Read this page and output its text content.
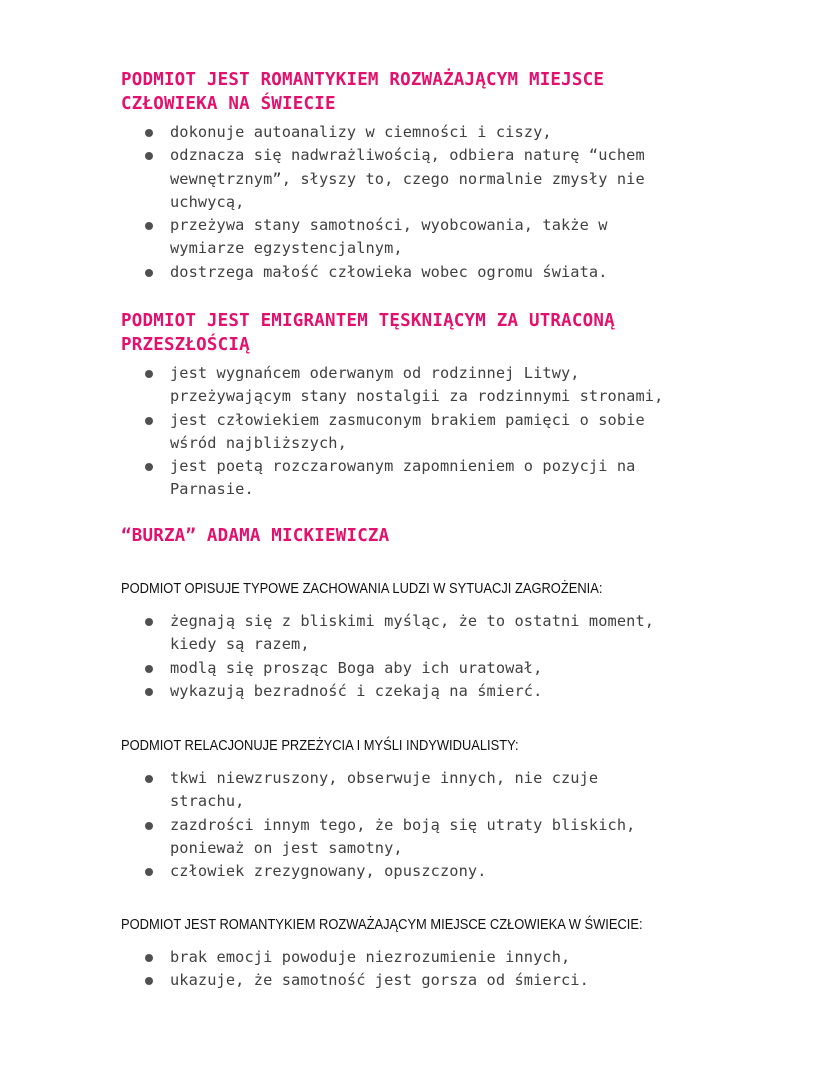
PODMIOT JEST ROMANTYKIEM ROZWAŻAJĄCYM MIEJSCE
CZŁOWIEKA NA ŚWIECIE
dokonuje autoanalizy w ciemności i ciszy,
odznacza się nadwrażliwością, odbiera naturę “uchem
wewnętrznym”, słyszy to, czego normalnie zmysły nie
uchwycą,
przeżywa stany samotności, wyobcowania, także w
wymiarze egzystencjalnym,
dostrzega małość człowieka wobec ogromu świata.
PODMIOT JEST EMIGRANTEM TĘSKNIĄCYM ZA UTRACONĄ
PRZESZŁOŚCIĄ
jest wygnańcem oderwanym od rodzinnej Litwy,
przeżywającym stany nostalgii za rodzinnymi stronami,
jest człowiekiem zasmuconym brakiem pamięci o sobie
wśród najbliższych,
jest poetą rozczarowanym zapomnieniem o pozycji na
Parnasie.
“BURZA” ADAMA MICKIEWICZA

PODMIOT OPISUJE TYPOWE ZACHOWANIA LUDZI W SYTUACJI ZAGROŻENIA:

żegnają się z bliskimi myśląc, że to ostatni moment,
kiedy są razem,
modlą się prosząc Boga aby ich uratował,
wykazują bezradność i czekają na śmierć.

PODMIOT RELACJONUJE PRZEŻYCIA I MYŚLI INDYWIDUALISTY:

tkwi niewzruszony, obserwuje innych, nie czuje
strachu,
zazdrości innym tego, że boją się utraty bliskich,
ponieważ on jest samotny,
człowiek zrezygnowany, opuszczony.

PODMIOT JEST ROMANTYKIEM ROZWAŻAJĄCYM MIEJSCE CZŁOWIEKA W ŚWIECIE:

brak emocji powoduje niezrozumienie innych,
ukazuje, że samotność jest gorsza od śmierci.
